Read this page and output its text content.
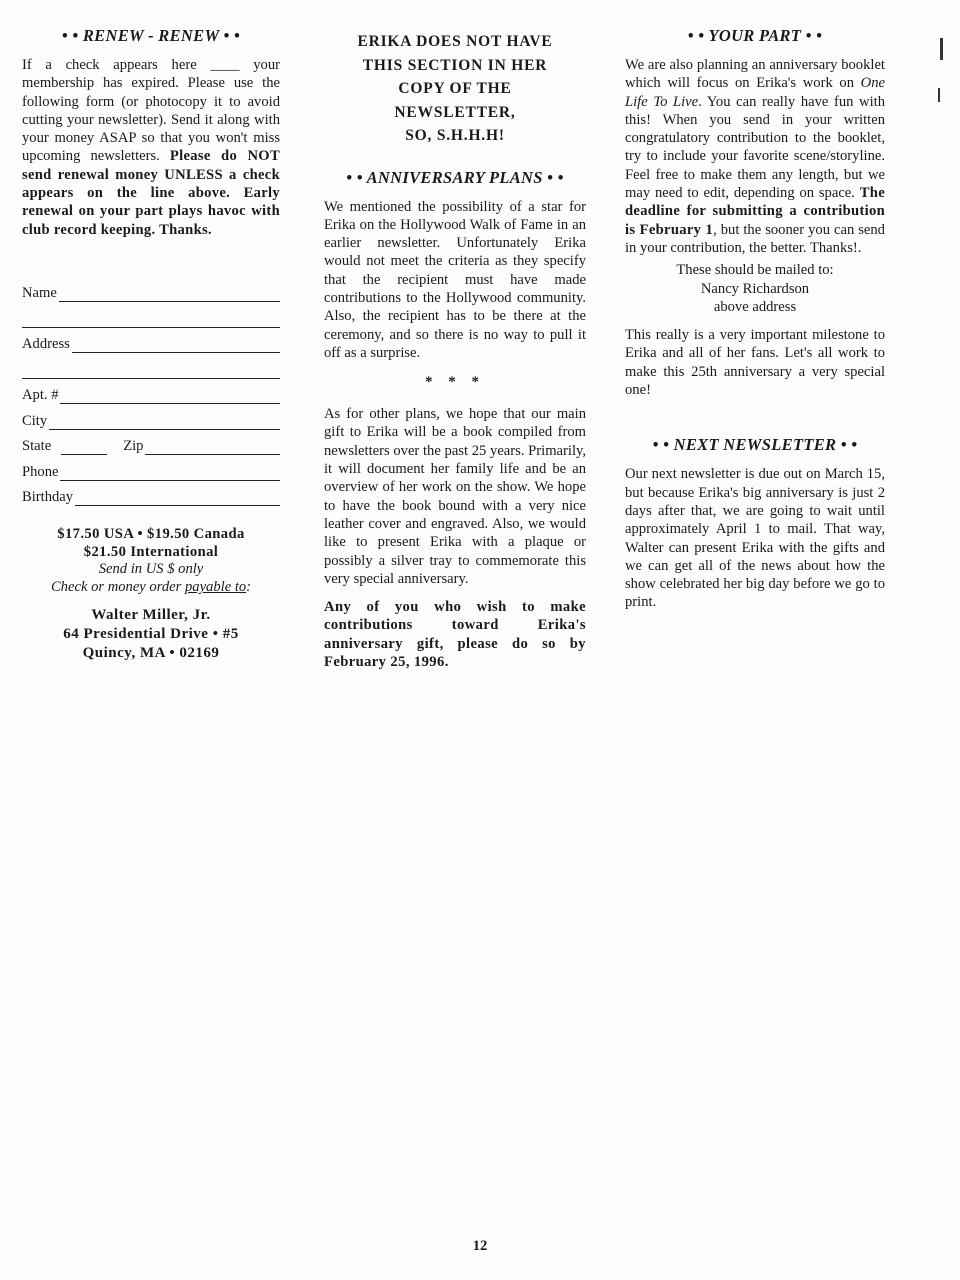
• • RENEW - RENEW • •

If a check appears here ____ your membership has expired. Please use the following form (or photocopy it to avoid cutting your newsletter). Send it along with your money ASAP so that you won't miss upcoming newsletters. Please do NOT send renewal money UNLESS a check appears on the line above. Early renewal on your part plays havoc with club record keeping. Thanks.

Name
Address
Apt. #
City
State	Zip
Phone
Birthday
$17.50 USA • $19.50 Canada
$21.50 International
Send in US $ only
Check or money order payable to:
Walter Miller, Jr.
64 Presidential Drive • #5
Quincy, MA • 02169
ERIKA DOES NOT HAVE
THIS SECTION IN HER
COPY OF THE
NEWSLETTER,
SO, S.H.H.H!
• • ANNIVERSARY PLANS • •

We mentioned the possibility of a star for Erika on the Hollywood Walk of Fame in an earlier newsletter. Unfortunately Erika would not meet the criteria as they specify that the recipient must have made contributions to the Hollywood community. Also, the recipient has to be there at the ceremony, and so there is no way to pull it off as a surprise.

* * *

As for other plans, we hope that our main gift to Erika will be a book compiled from newsletters over the past 25 years. Primarily, it will document her family life and be an overview of her work on the show. We hope to have the book bound with a very nice leather cover and engraved. Also, we would like to present Erika with a plaque or possibly a silver tray to commemorate this very special anniversary.

Any of you who wish to make contributions toward Erika's anniversary gift, please do so by February 25, 1996.

• • YOUR PART • •

We are also planning an anniversary booklet which will focus on Erika's work on One Life To Live. You can really have fun with this! When you send in your written congratulatory contribution to the booklet, try to include your favorite scene/storyline. Feel free to make them any length, but we may need to edit, depending on space. The deadline for submitting a contribution is February 1, but the sooner you can send in your contribution, the better. Thanks!.

These should be mailed to:
Nancy Richardson
above address

This really is a very important milestone to Erika and all of her fans. Let's all work to make this 25th anniversary a very special one!

• • NEXT NEWSLETTER • •

Our next newsletter is due out on March 15, but because Erika's big anniversary is just 2 days after that, we are going to wait until approximately April 1 to mail. That way, Walter can present Erika with the gifts and we can get all of the news about how the show celebrated her big day before we go to print.

12
